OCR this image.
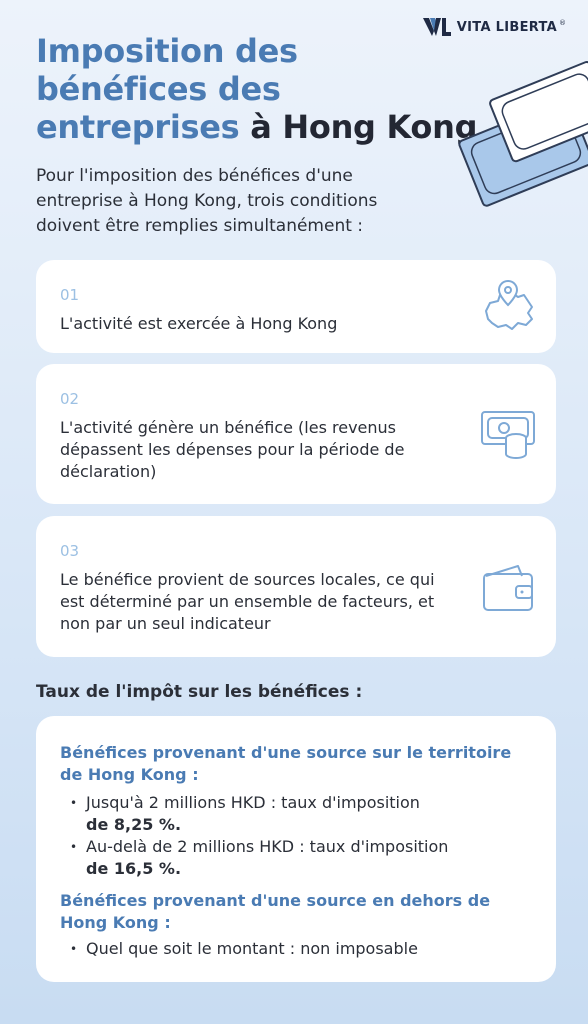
VITA LIBERTA ®
Imposition des
bénéfices des
entreprises à Hong Kong

Pour l'imposition des bénéfices d'une entreprise à Hong Kong, trois conditions doivent être remplies simultanément :

01

L'activité est exercée à Hong Kong

02

L'activité génère un bénéfice (les revenus dépassent les dépenses pour la période de déclaration)

03

Le bénéfice provient de sources locales, ce qui est déterminé par un ensemble de facteurs, et non par un seul indicateur

Taux de l'impôt sur les bénéfices :

Bénéfices provenant d'une source sur le territoire de Hong Kong :

• Jusqu'à 2 millions HKD : taux d'imposition
de 8,25 %.
• Au-delà de 2 millions HKD : taux d'imposition
de 16,5 %.

Bénéfices provenant d'une source en dehors de Hong Kong :

• Quel que soit le montant : non imposable
